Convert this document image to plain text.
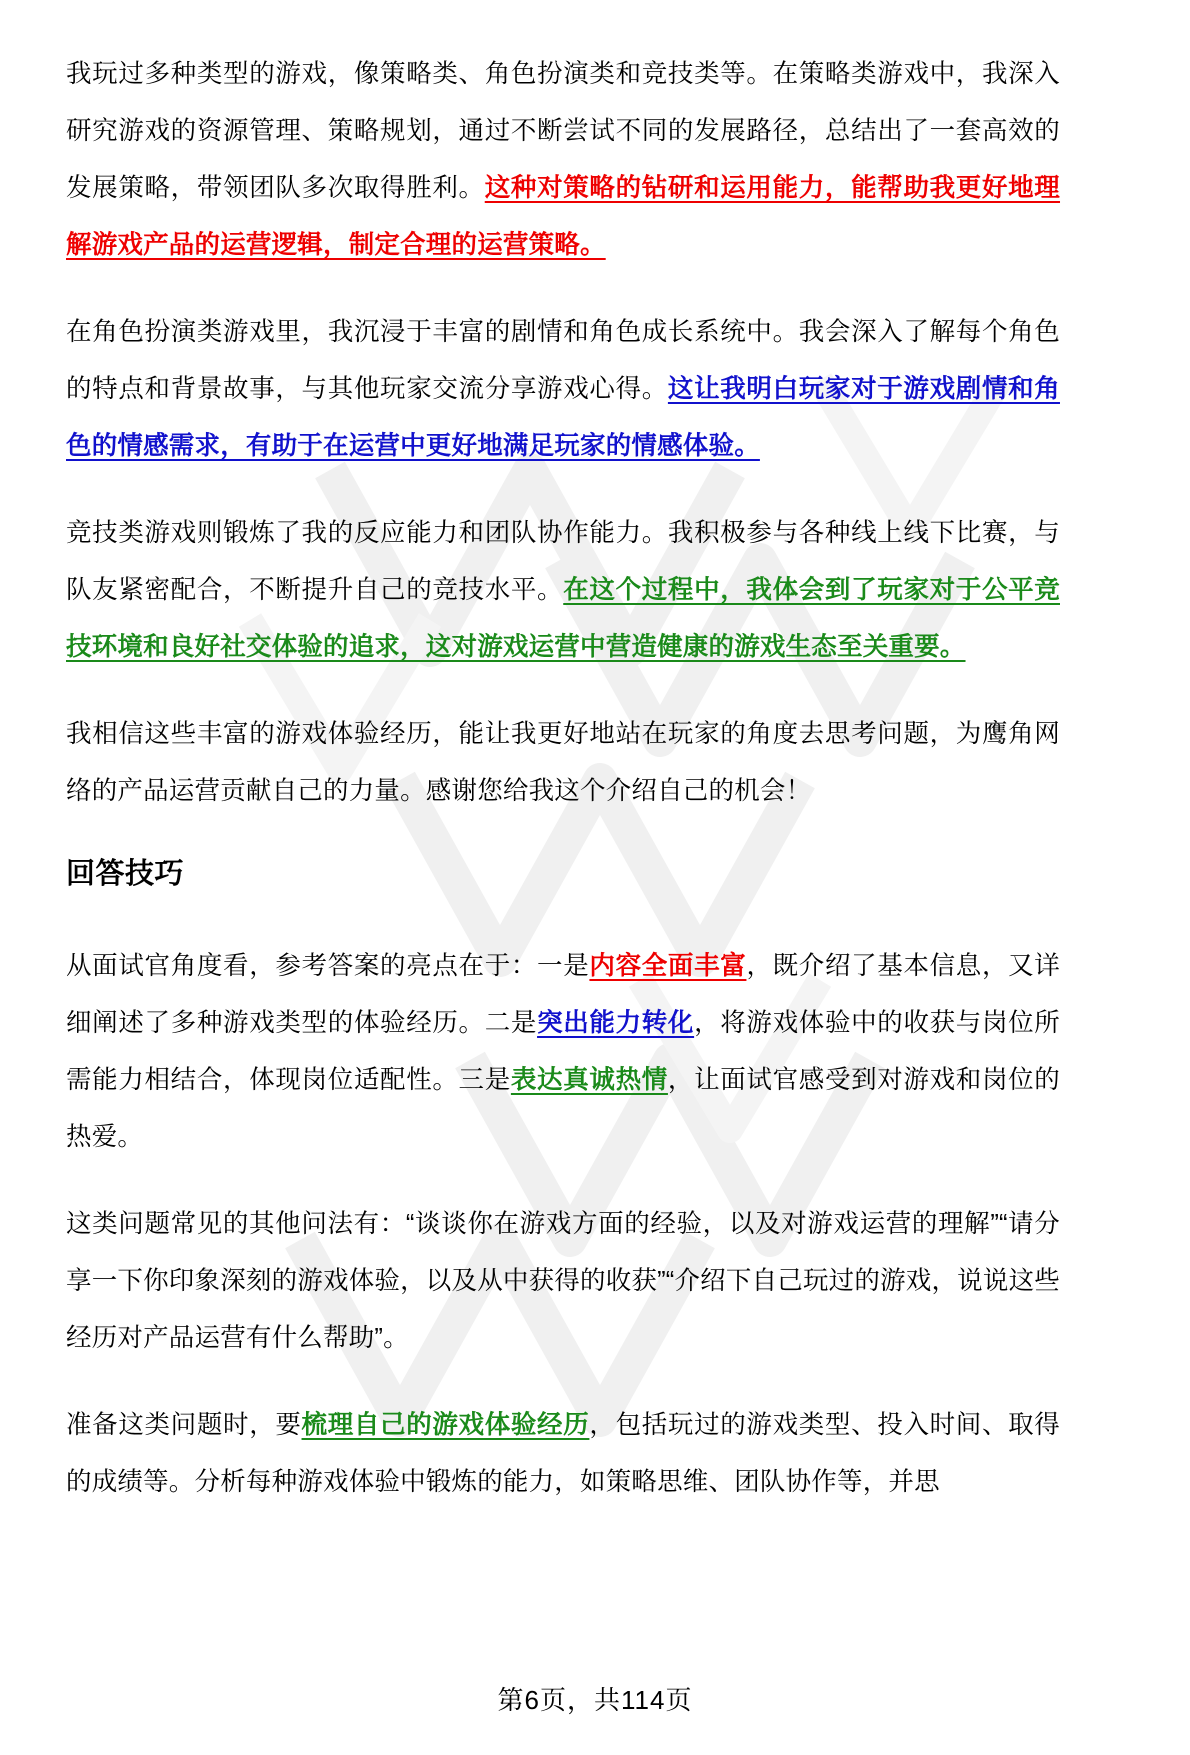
我玩过多种类型的游戏，像策略类、角色扮演类和竞技类等。在策略类游戏中，我深入研究游戏的资源管理、策略规划，通过不断尝试不同的发展路径，总结出了一套高效的发展策略，带领团队多次取得胜利。这种对策略的钻研和运用能力，能帮助我更好地理解游戏产品的运营逻辑，制定合理的运营策略。

在角色扮演类游戏里，我沉浸于丰富的剧情和角色成长系统中。我会深入了解每个角色的特点和背景故事，与其他玩家交流分享游戏心得。这让我明白玩家对于游戏剧情和角色的情感需求，有助于在运营中更好地满足玩家的情感体验。

竞技类游戏则锻炼了我的反应能力和团队协作能力。我积极参与各种线上线下比赛，与队友紧密配合，不断提升自己的竞技水平。在这个过程中，我体会到了玩家对于公平竞技环境和良好社交体验的追求，这对游戏运营中营造健康的游戏生态至关重要。

我相信这些丰富的游戏体验经历，能让我更好地站在玩家的角度去思考问题，为鹰角网络的产品运营贡献自己的力量。感谢您给我这个介绍自己的机会！

回答技巧

从面试官角度看，参考答案的亮点在于：一是内容全面丰富，既介绍了基本信息，又详细阐述了多种游戏类型的体验经历。二是突出能力转化，将游戏体验中的收获与岗位所需能力相结合，体现岗位适配性。三是表达真诚热情，让面试官感受到对游戏和岗位的热爱。

这类问题常见的其他问法有：“谈谈你在游戏方面的经验，以及对游戏运营的理解”“请分享一下你印象深刻的游戏体验，以及从中获得的收获”“介绍下自己玩过的游戏，说说这些经历对产品运营有什么帮助”。

准备这类问题时，要梳理自己的游戏体验经历，包括玩过的游戏类型、投入时间、取得的成绩等。分析每种游戏体验中锻炼的能力，如策略思维、团队协作等，并思

第6页，共114页
